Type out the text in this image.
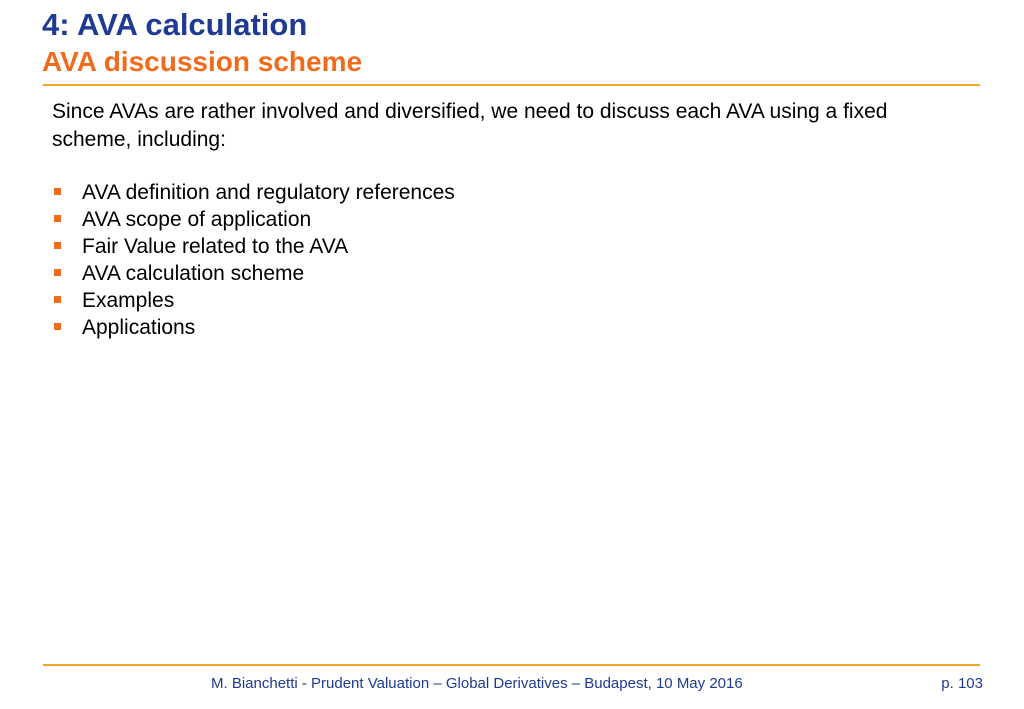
4: AVA calculation
AVA discussion scheme
Since AVAs are rather involved and diversified, we need to discuss each AVA using a fixed scheme, including:
AVA definition and regulatory references
AVA scope of application
Fair Value related to the AVA
AVA calculation scheme
Examples
Applications
M. Bianchetti - Prudent Valuation – Global Derivatives – Budapest, 10 May 2016	p. 103
